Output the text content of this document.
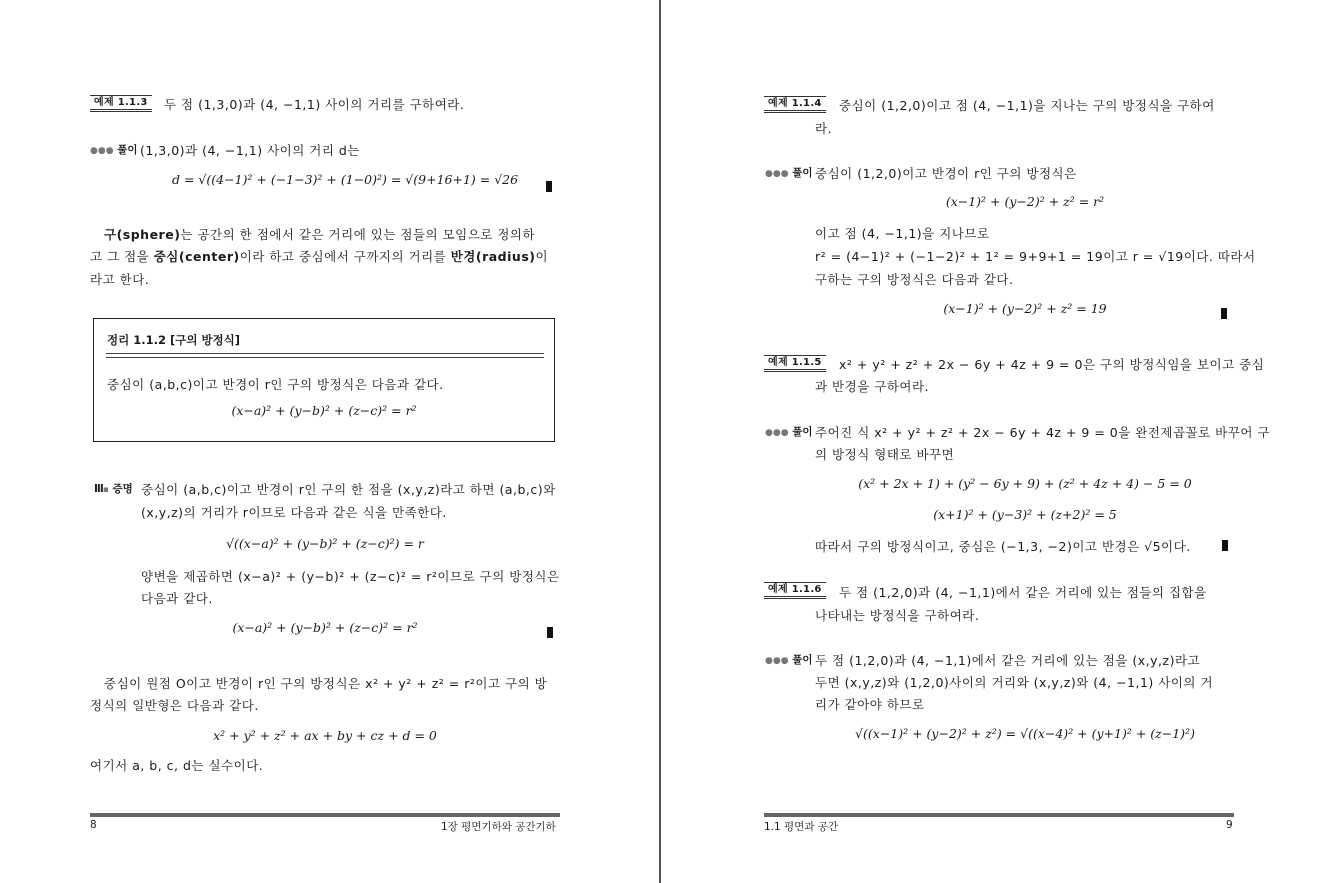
예제 1.1.3	두 점 (1,3,0)과 (4, −1,1) 사이의 거리를 구하여라.
●●● 풀이 (1,3,0)과 (4, −1,1) 사이의 거리 d는
d = √((4−1)² + (−1−3)² + (1−0)²) = √(9+16+1) = √26
구(sphere)는 공간의 한 점에서 같은 거리에 있는 점들의 모임으로 정의하
고 그 점을 중심(center)이라 하고 중심에서 구까지의 거리를 반경(radius)이
라고 한다.
정리 1.1.2 [구의 방정식]
중심이 (a,b,c)이고 반경이 r인 구의 방정식은 다음과 같다.
(x−a)² + (y−b)² + (z−c)² = r²
III▪ 증명 중심이 (a,b,c)이고 반경이 r인 구의 한 점을 (x,y,z)라고 하면 (a,b,c)와
(x,y,z)의 거리가 r이므로 다음과 같은 식을 만족한다.
√((x−a)² + (y−b)² + (z−c)²) = r
양변을 제곱하면 (x−a)² + (y−b)² + (z−c)² = r²이므로 구의 방정식은
다음과 같다.
(x−a)² + (y−b)² + (z−c)² = r²
중심이 원점 O이고 반경이 r인 구의 방정식은 x² + y² + z² = r²이고 구의 방
정식의 일반형은 다음과 같다.
x² + y² + z² + ax + by + cz + d = 0
여기서 a, b, c, d는 실수이다.
8	1장 평면기하와 공간기하
예제 1.1.4	중심이 (1,2,0)이고 점 (4, −1,1)을 지나는 구의 방정식을 구하여
라.
●●● 풀이 중심이 (1,2,0)이고 반경이 r인 구의 방정식은
(x−1)² + (y−2)² + z² = r²
이고 점 (4, −1,1)을 지나므로
r² = (4−1)² + (−1−2)² + 1² = 9+9+1 = 19이고 r = √19이다. 따라서
구하는 구의 방정식은 다음과 같다.
(x−1)² + (y−2)² + z² = 19
예제 1.1.5	x² + y² + z² + 2x − 6y + 4z + 9 = 0은 구의 방정식임을 보이고 중심
과 반경을 구하여라.
●●● 풀이 주어진 식 x² + y² + z² + 2x − 6y + 4z + 9 = 0을 완전제곱꼴로 바꾸어 구
의 방정식 형태로 바꾸면
(x² + 2x + 1) + (y² − 6y + 9) + (z² + 4z + 4) − 5 = 0
(x+1)² + (y−3)² + (z+2)² = 5
따라서 구의 방정식이고, 중심은 (−1,3, −2)이고 반경은 √5이다.
예제 1.1.6	두 점 (1,2,0)과 (4, −1,1)에서 같은 거리에 있는 점들의 집합을
나타내는 방정식을 구하여라.
●●● 풀이 두 점 (1,2,0)과 (4, −1,1)에서 같은 거리에 있는 점을 (x,y,z)라고
두면 (x,y,z)와 (1,2,0)사이의 거리와 (x,y,z)와 (4, −1,1) 사이의 거
리가 같아야 하므로
√((x−1)² + (y−2)² + z²) = √((x−4)² + (y+1)² + (z−1)²)
1.1 평면과 공간	9
